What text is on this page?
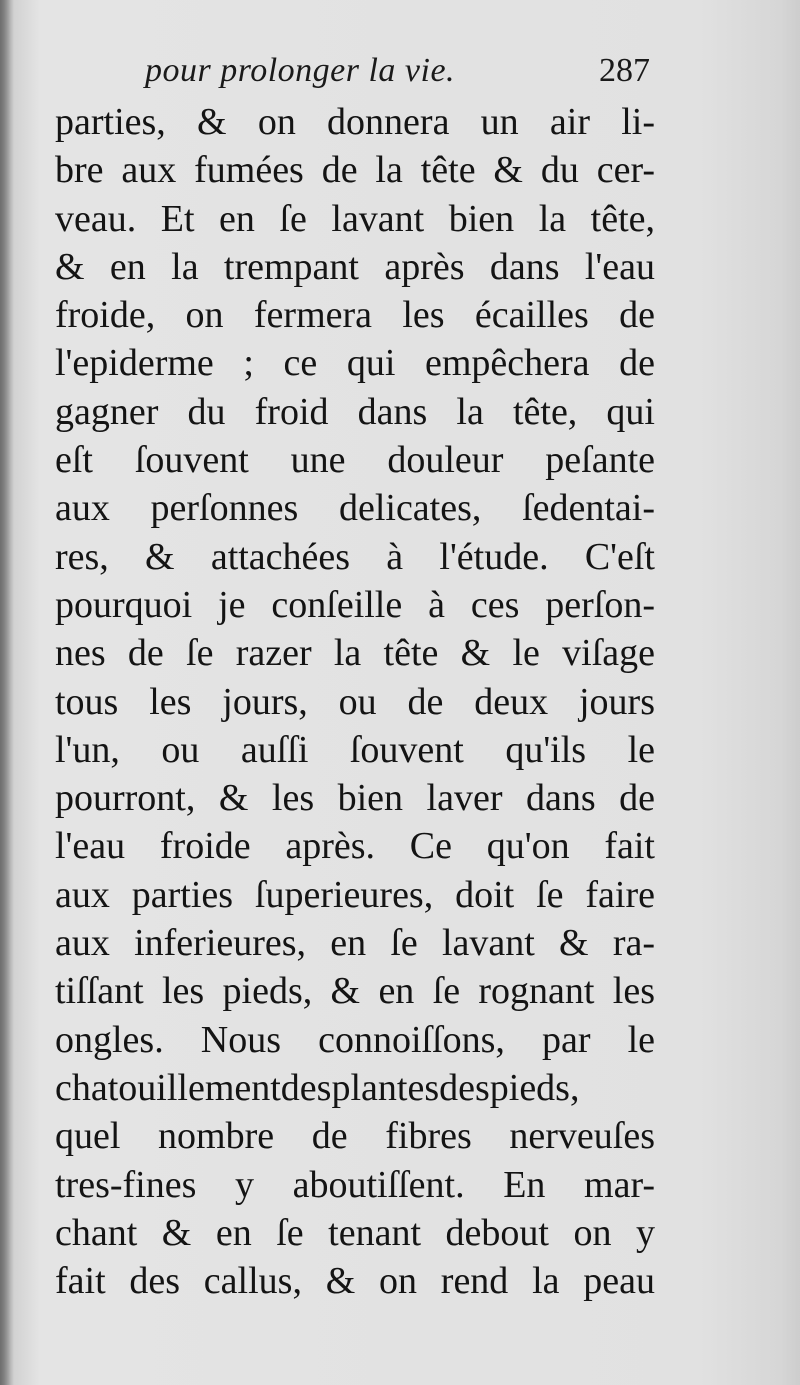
pour prolonger la vie.	287
parties, & on donnera un air li-
bre aux fumées de la tête & du cer-
veau. Et en ſe lavant bien la tête,
& en la trempant après dans l'eau
froide, on fermera les écailles de
l'epiderme ; ce qui empêchera de
gagner du froid dans la tête, qui
eſt ſouvent une douleur peſante
aux perſonnes delicates, ſedentai-
res, & attachées à l'étude. C'eſt
pourquoi je conſeille à ces perſon-
nes de ſe razer la tête & le viſage
tous les jours, ou de deux jours
l'un, ou auſſi ſouvent qu'ils le
pourront, & les bien laver dans de
l'eau froide après. Ce qu'on fait
aux parties ſuperieures, doit ſe faire
aux inferieures, en ſe lavant & ra-
tiſſant les pieds, & en ſe rognant les
ongles. Nous connoiſſons, par le
chatouillementdesplantesdespieds,
quel nombre de fibres nerveuſes
tres-fines y aboutiſſent. En mar-
chant & en ſe tenant debout on y
fait des callus, & on rend la peau
